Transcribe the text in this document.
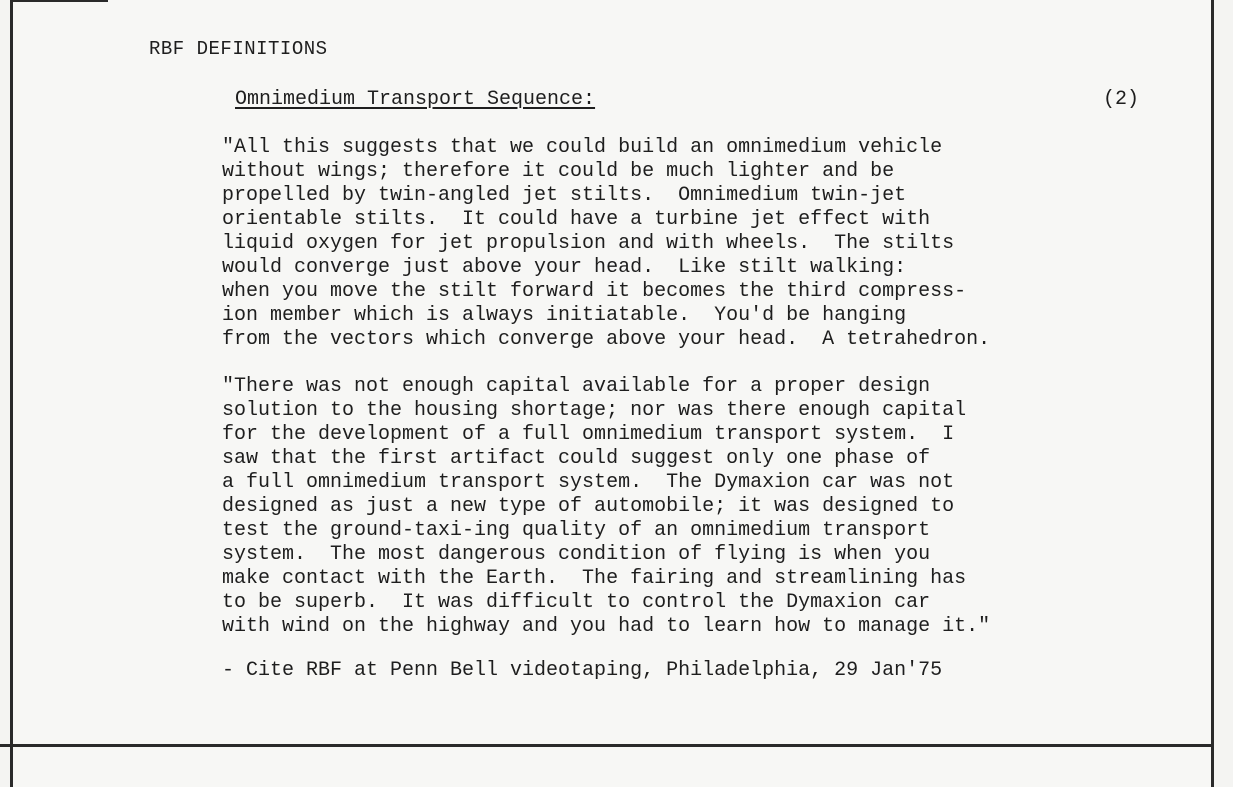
RBF DEFINITIONS
Omnimedium Transport Sequence:	(2)
"All this suggests that we could build an omnimedium vehicle
without wings; therefore it could be much lighter and be
propelled by twin-angled jet stilts.  Omnimedium twin-jet
orientable stilts.  It could have a turbine jet effect with
liquid oxygen for jet propulsion and with wheels.  The stilts
would converge just above your head.  Like stilt walking:
when you move the stilt forward it becomes the third compress-
ion member which is always initiatable.  You'd be hanging
from the vectors which converge above your head.  A tetrahedron.
"There was not enough capital available for a proper design
solution to the housing shortage; nor was there enough capital
for the development of a full omnimedium transport system.  I
saw that the first artifact could suggest only one phase of
a full omnimedium transport system.  The Dymaxion car was not
designed as just a new type of automobile; it was designed to
test the ground-taxi-ing quality of an omnimedium transport
system.  The most dangerous condition of flying is when you
make contact with the Earth.  The fairing and streamlining has
to be superb.  It was difficult to control the Dymaxion car
with wind on the highway and you had to learn how to manage it."
- Cite RBF at Penn Bell videotaping, Philadelphia, 29 Jan'75
